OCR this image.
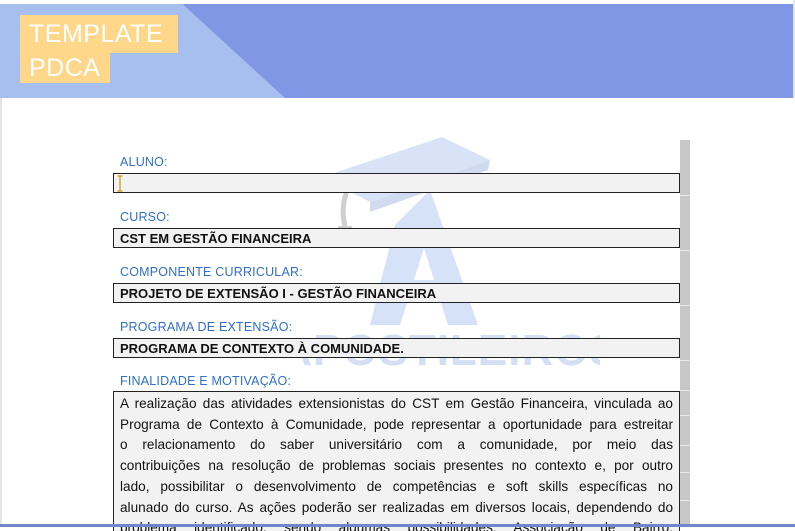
TEMPLATE
PDCA
ALUNO:
CURSO:
CST EM GESTÃO FINANCEIRA
COMPONENTE CURRICULAR:
PROJETO DE EXTENSÃO I - GESTÃO FINANCEIRA
PROGRAMA DE EXTENSÃO:
PROGRAMA DE CONTEXTO À COMUNIDADE.
FINALIDADE E MOTIVAÇÃO:
A realização das atividades extensionistas do CST em Gestão Financeira, vinculada ao
Programa de Contexto à Comunidade, pode representar a oportunidade para estreitar
o relacionamento do saber universitário com a comunidade, por meio das
contribuições na resolução de problemas sociais presentes no contexto e, por outro
lado, possibilitar o desenvolvimento de competências e soft skills específicas no
alunado do curso. As ações poderão ser realizadas em diversos locais, dependendo do
